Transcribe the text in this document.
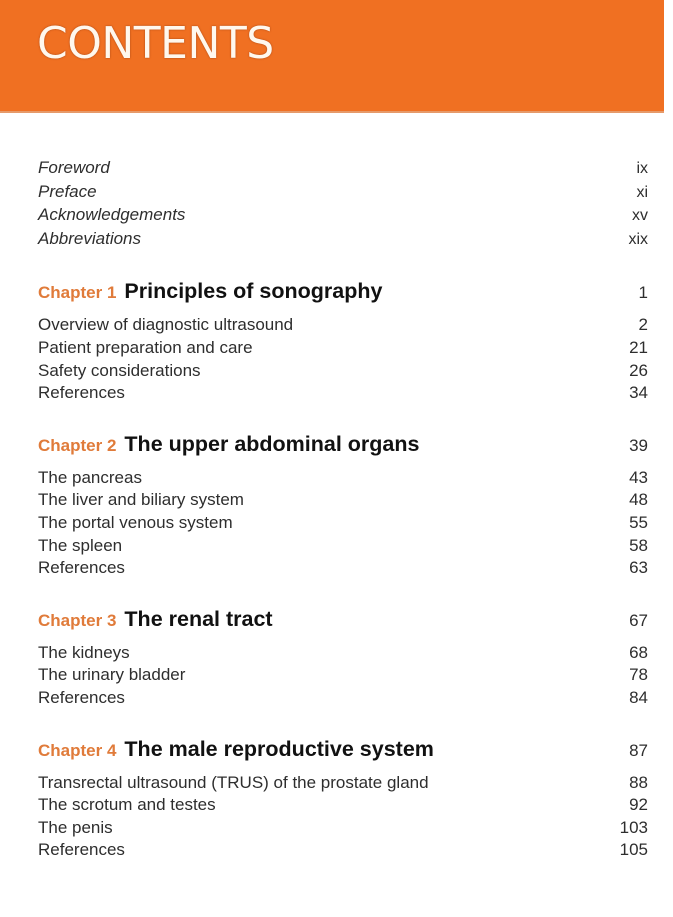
CONTENTS
Foreword	ix
Preface	xi
Acknowledgements	xv
Abbreviations	xix
Chapter 1 Principles of sonography	1
Overview of diagnostic ultrasound	2
Patient preparation and care	21
Safety considerations	26
References	34
Chapter 2 The upper abdominal organs	39
The pancreas	43
The liver and biliary system	48
The portal venous system	55
The spleen	58
References	63
Chapter 3 The renal tract	67
The kidneys	68
The urinary bladder	78
References	84
Chapter 4 The male reproductive system	87
Transrectal ultrasound (TRUS) of the prostate gland	88
The scrotum and testes	92
The penis	103
References	105
